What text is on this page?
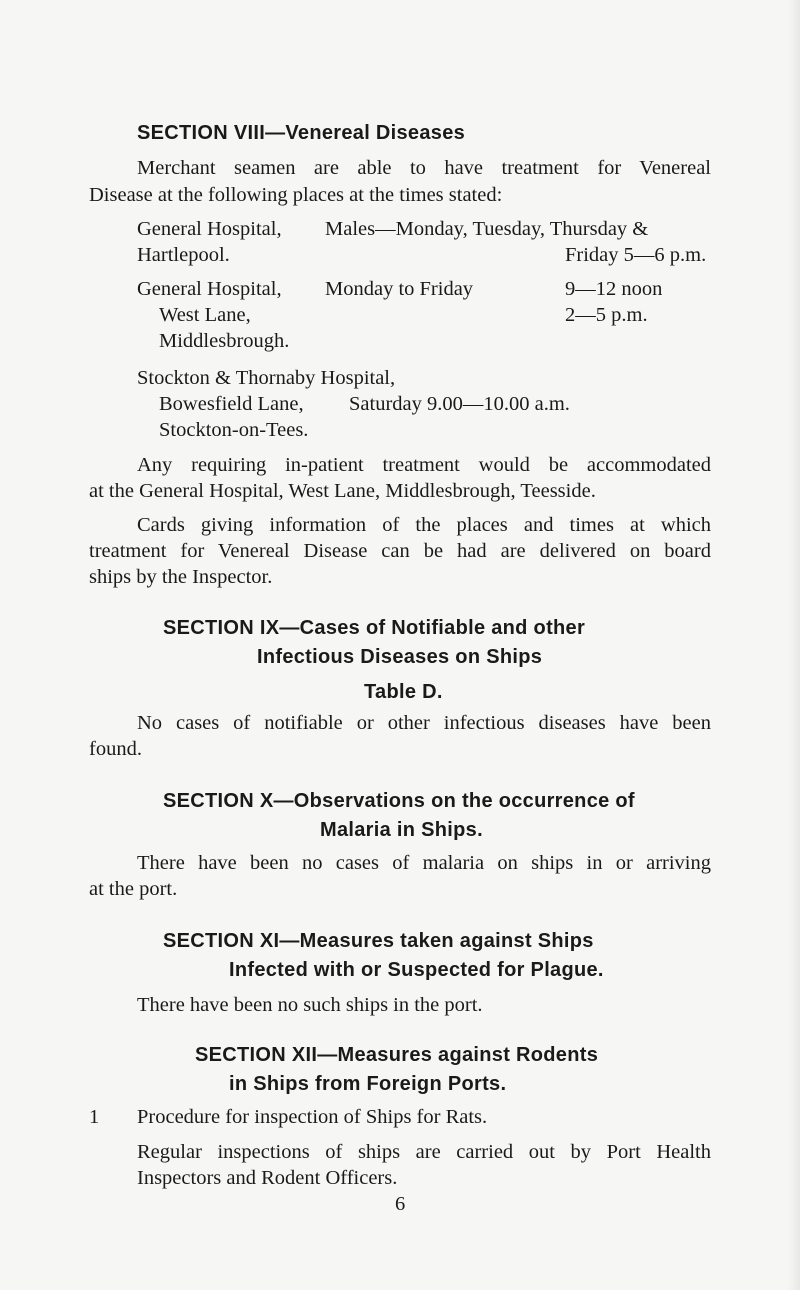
SECTION VIII—Venereal Diseases
Merchant seamen are able to have treatment for Venereal
Disease at the following places at the times stated:
General Hospital,
Hartlepool.
Males—Monday, Tuesday, Thursday &
Friday 5—6 p.m.
General Hospital,
West Lane,
Middlesbrough.
Monday to Friday	9—12 noon
2—5 p.m.
Stockton & Thornaby Hospital,
Bowesfield Lane,
Stockton-on-Tees.
Saturday 9.00—10.00 a.m.
Any requiring in-patient treatment would be accommodated
at the General Hospital, West Lane, Middlesbrough, Teesside.
Cards giving information of the places and times at which
treatment for Venereal Disease can be had are delivered on board
ships by the Inspector.
SECTION IX—Cases of Notifiable and other
Infectious Diseases on Ships
Table D.
No cases of notifiable or other infectious diseases have been
found.
SECTION X—Observations on the occurrence of
Malaria in Ships.
There have been no cases of malaria on ships in or arriving
at the port.
SECTION XI—Measures taken against Ships
Infected with or Suspected for Plague.
There have been no such ships in the port.
SECTION XII—Measures against Rodents
in Ships from Foreign Ports.
1 Procedure for inspection of Ships for Rats.
Regular inspections of ships are carried out by Port Health
Inspectors and Rodent Officers.
6
